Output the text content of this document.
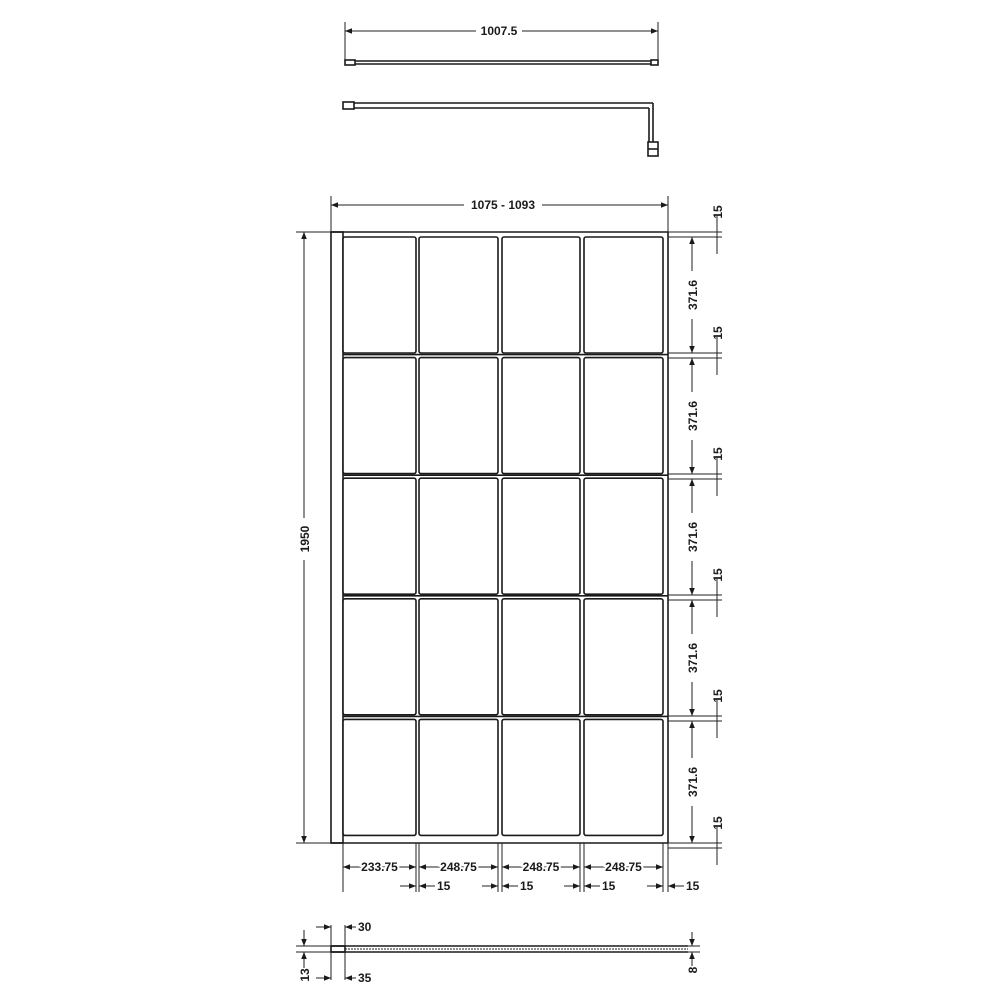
1007.5
1075 - 1093
1950
15
15
15
15
15
15
371.6
371.6
371.6
371.6
371.6
233.75	248.75	248.75	248.75
15	15	15	15
30
35
13	8
